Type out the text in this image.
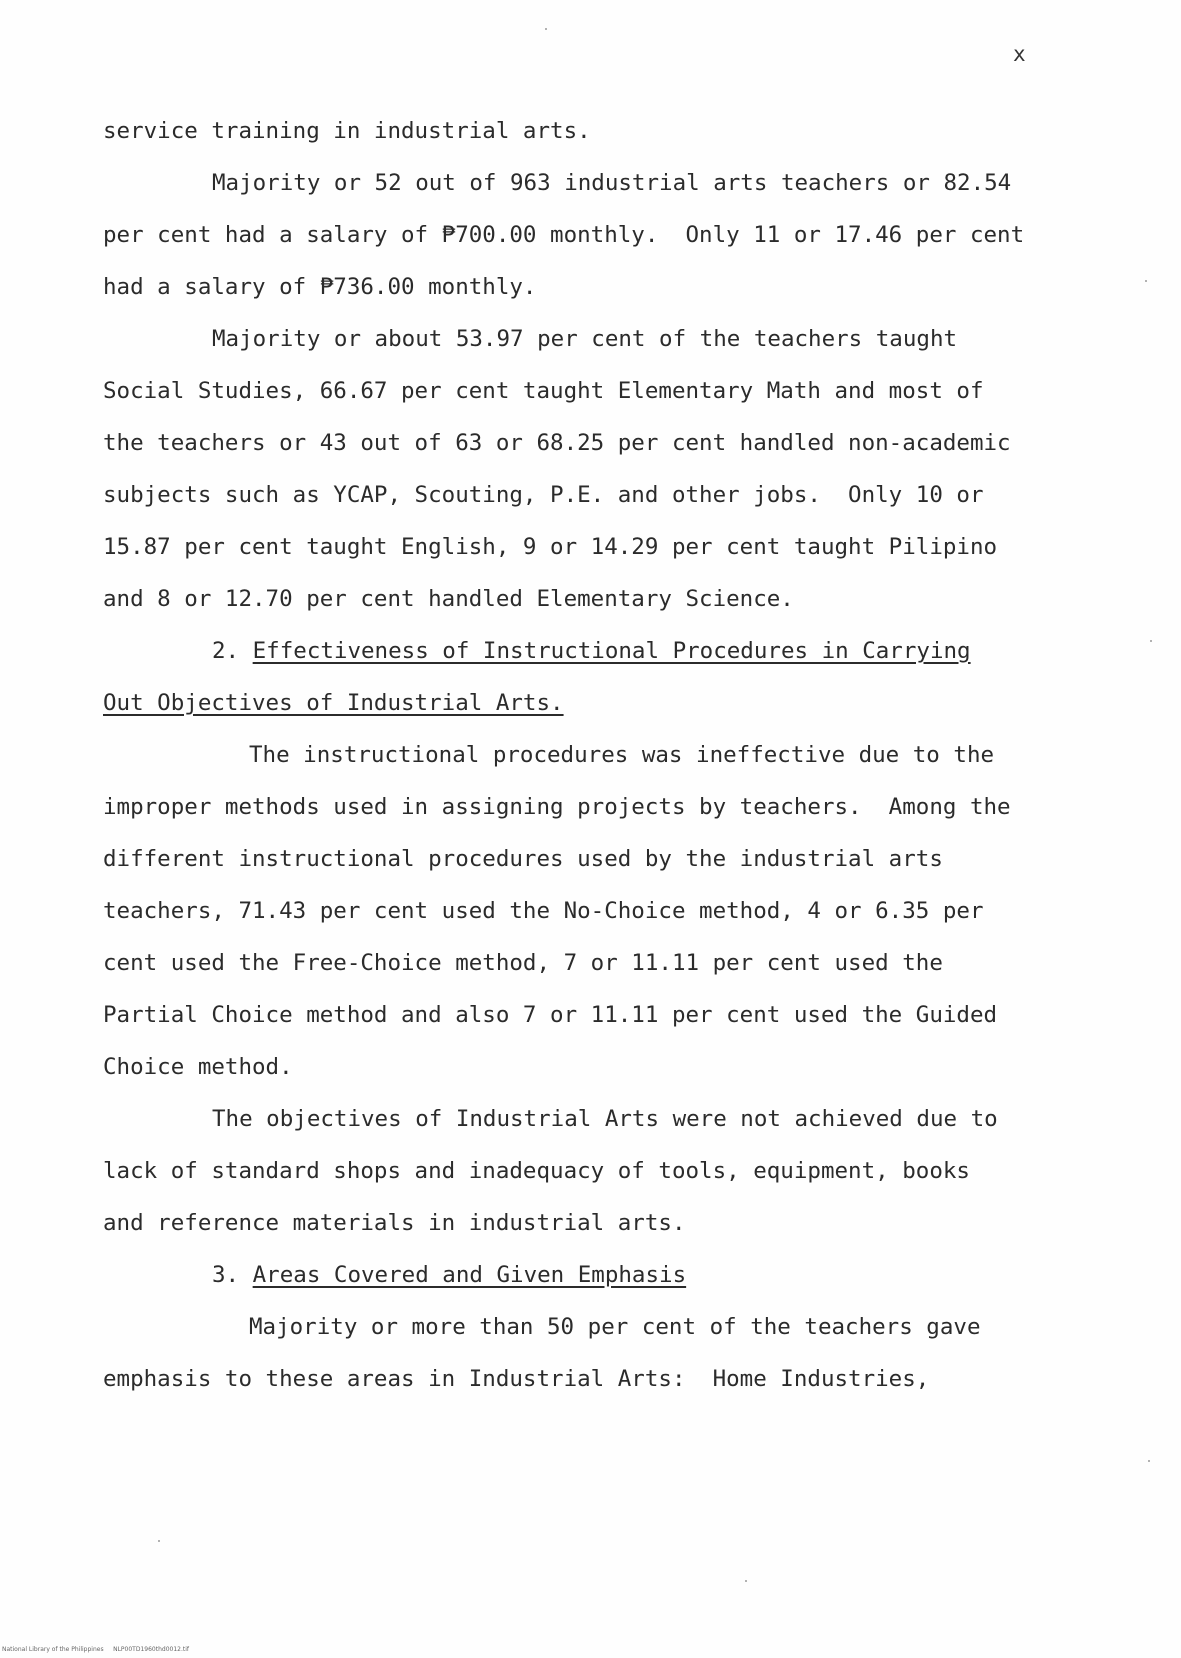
x
service training in industrial arts.
Majority or 52 out of 963 industrial arts teachers or 82.54
per cent had a salary of ₱700.00 monthly.  Only 11 or 17.46 per cent
had a salary of ₱736.00 monthly.
Majority or about 53.97 per cent of the teachers taught
Social Studies, 66.67 per cent taught Elementary Math and most of
the teachers or 43 out of 63 or 68.25 per cent handled non-academic
subjects such as YCAP, Scouting, P.E. and other jobs.  Only 10 or
15.87 per cent taught English, 9 or 14.29 per cent taught Pilipino
and 8 or 12.70 per cent handled Elementary Science.
2. Effectiveness of Instructional Procedures in Carrying
Out Objectives of Industrial Arts.
The instructional procedures was ineffective due to the
improper methods used in assigning projects by teachers.  Among the
different instructional procedures used by the industrial arts
teachers, 71.43 per cent used the No-Choice method, 4 or 6.35 per
cent used the Free-Choice method, 7 or 11.11 per cent used the
Partial Choice method and also 7 or 11.11 per cent used the Guided
Choice method.
The objectives of Industrial Arts were not achieved due to
lack of standard shops and inadequacy of tools, equipment, books
and reference materials in industrial arts.
3. Areas Covered and Given Emphasis
Majority or more than 50 per cent of the teachers gave
emphasis to these areas in Industrial Arts:  Home Industries,
National Library of the Philippines     NLP00TD1960thd0012.tif
